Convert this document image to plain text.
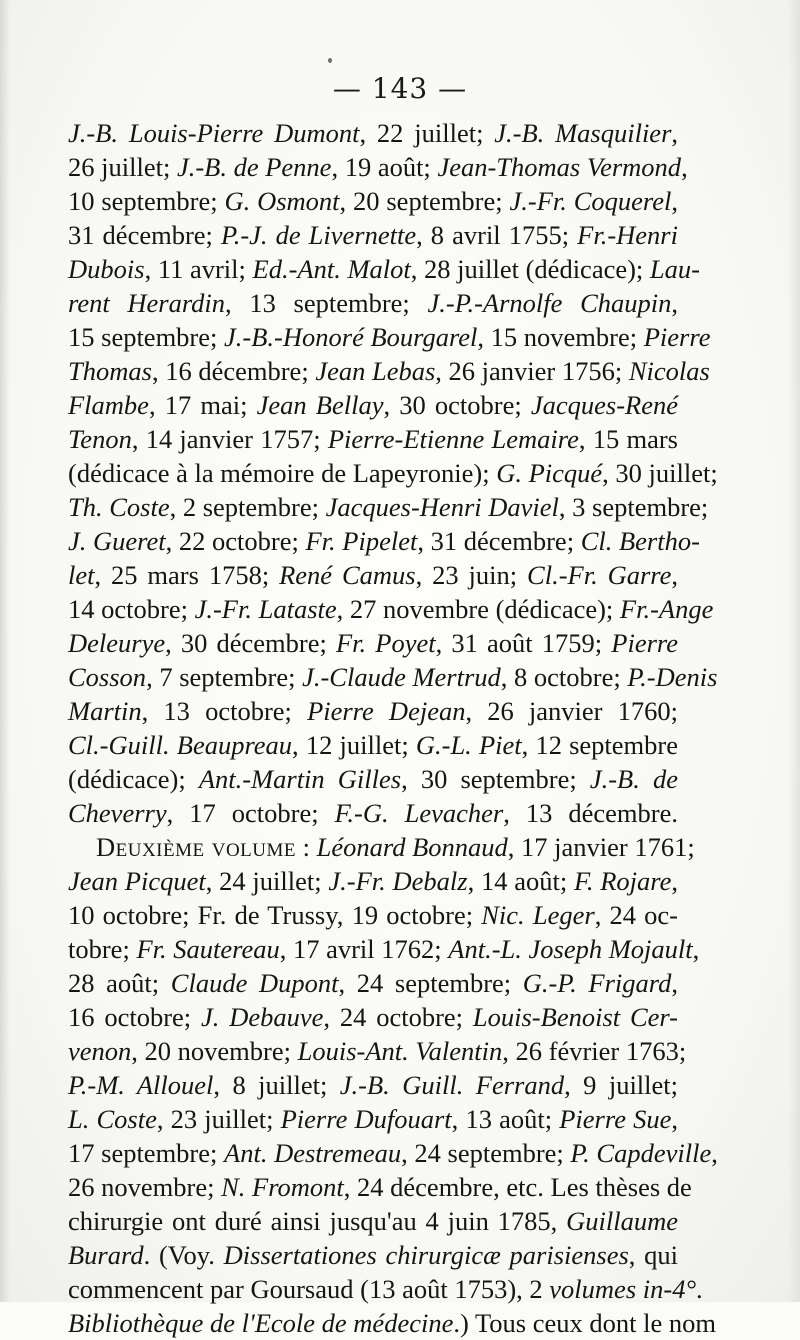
— 143 —
J.-B. Louis-Pierre Dumont, 22 juillet; J.-B. Masquilier,
26 juillet; J.-B. de Penne, 19 août; Jean-Thomas Vermond,
10 septembre; G. Osmont, 20 septembre; J.-Fr. Coquerel,
31 décembre; P.-J. de Livernette, 8 avril 1755; Fr.-Henri
Dubois, 11 avril; Ed.-Ant. Malot, 28 juillet (dédicace); Lau-
rent Herardin, 13 septembre; J.-P.-Arnolfe Chaupin,
15 septembre; J.-B.-Honoré Bourgarel, 15 novembre; Pierre
Thomas, 16 décembre; Jean Lebas, 26 janvier 1756; Nicolas
Flambe, 17 mai; Jean Bellay, 30 octobre; Jacques-René
Tenon, 14 janvier 1757; Pierre-Etienne Lemaire, 15 mars
(dédicace à la mémoire de Lapeyronie); G. Picqué, 30 juillet;
Th. Coste, 2 septembre; Jacques-Henri Daviel, 3 septembre;
J. Gueret, 22 octobre; Fr. Pipelet, 31 décembre; Cl. Bertho-
let, 25 mars 1758; René Camus, 23 juin; Cl.-Fr. Garre,
14 octobre; J.-Fr. Lataste, 27 novembre (dédicace); Fr.-Ange
Deleurye, 30 décembre; Fr. Poyet, 31 août 1759; Pierre
Cosson, 7 septembre; J.-Claude Mertrud, 8 octobre; P.-Denis
Martin, 13 octobre; Pierre Dejean, 26 janvier 1760;
Cl.-Guill. Beaupreau, 12 juillet; G.-L. Piet, 12 septembre
(dédicace); Ant.-Martin Gilles, 30 septembre; J.-B. de
Cheverry, 17 octobre; F.-G. Levacher, 13 décembre.
Deuxième volume : Léonard Bonnaud, 17 janvier 1761;
Jean Picquet, 24 juillet; J.-Fr. Debalz, 14 août; F. Rojare,
10 octobre; Fr. de Trussy, 19 octobre; Nic. Leger, 24 oc-
tobre; Fr. Sautereau, 17 avril 1762; Ant.-L. Joseph Mojault,
28 août; Claude Dupont, 24 septembre; G.-P. Frigard,
16 octobre; J. Debauve, 24 octobre; Louis-Benoist Cer-
venon, 20 novembre; Louis-Ant. Valentin, 26 février 1763;
P.-M. Allouel, 8 juillet; J.-B. Guill. Ferrand, 9 juillet;
L. Coste, 23 juillet; Pierre Dufouart, 13 août; Pierre Sue,
17 septembre; Ant. Destremeau, 24 septembre; P. Capdeville,
26 novembre; N. Fromont, 24 décembre, etc. Les thèses de
chirurgie ont duré ainsi jusqu'au 4 juin 1785, Guillaume
Burard. (Voy. Dissertationes chirurgicæ parisienses, qui
commencent par Goursaud (13 août 1753), 2 volumes in-4°.
Bibliothèque de l'Ecole de médecine.) Tous ceux dont le nom
